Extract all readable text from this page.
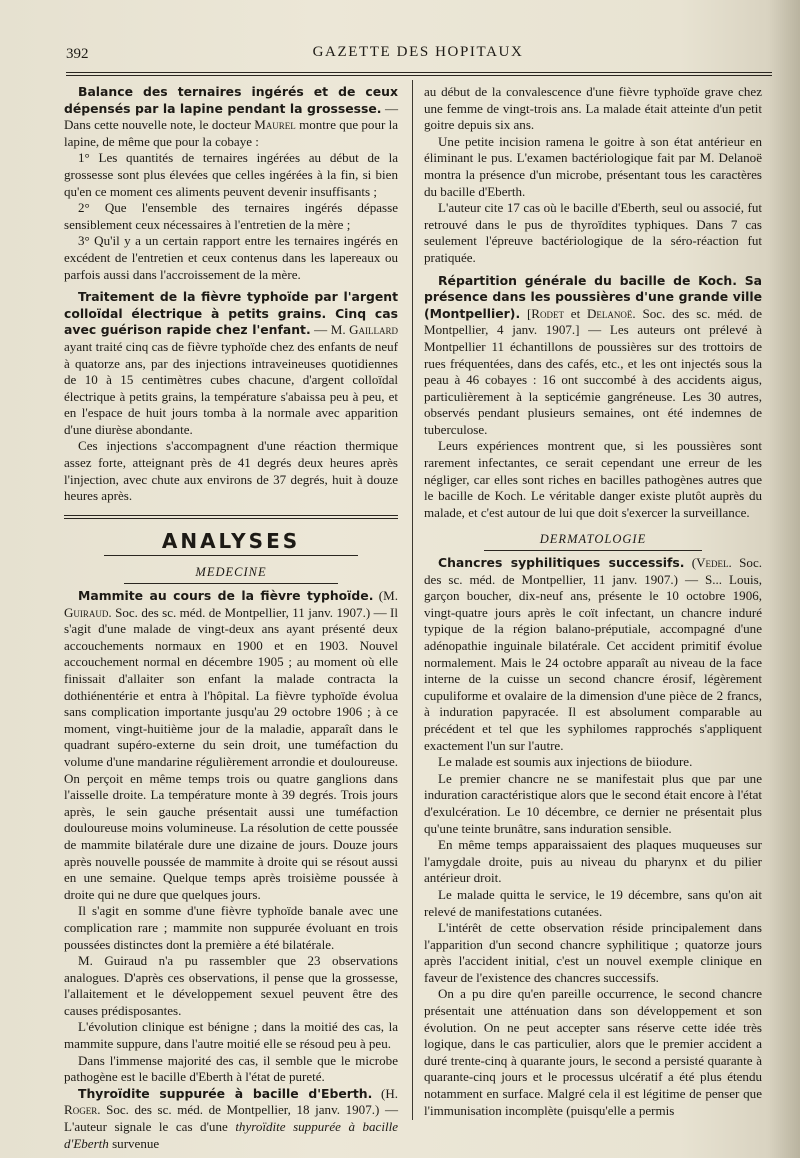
392	GAZETTE DES HOPITAUX

Balance des ternaires ingérés et de ceux dépensés par la lapine pendant la grossesse. — Dans cette nouvelle note, le docteur Maurel montre que pour la lapine, de même que pour la cobaye :

1° Les quantités de ternaires ingérées au début de la grossesse sont plus élevées que celles ingérées à la fin, si bien qu'en ce moment ces aliments peuvent devenir insuffisants ;

2° Que l'ensemble des ternaires ingérés dépasse sensiblement ceux nécessaires à l'entretien de la mère ;

3° Qu'il y a un certain rapport entre les ternaires ingérés en excédent de l'entretien et ceux contenus dans les lapereaux ou parfois aussi dans l'accroissement de la mère.

Traitement de la fièvre typhoïde par l'argent colloïdal électrique à petits grains. Cinq cas avec guérison rapide chez l'enfant. — M. Gaillard ayant traité cinq cas de fièvre typhoïde chez des enfants de neuf à quatorze ans, par des injections intraveineuses quotidiennes de 10 à 15 centimètres cubes chacune, d'argent colloïdal électrique à petits grains, la température s'abaissa peu à peu, et en l'espace de huit jours tomba à la normale avec apparition d'une diurèse abondante.

Ces injections s'accompagnent d'une réaction thermique assez forte, atteignant près de 41 degrés deux heures après l'injection, avec chute aux environs de 37 degrés, huit à douze heures après.

ANALYSES
MEDECINE

Mammite au cours de la fièvre typhoïde. (M. Guiraud. Soc. des sc. méd. de Montpellier, 11 janv. 1907.) — Il s'agit d'une malade de vingt-deux ans ayant présenté deux accouchements normaux en 1900 et en 1903. Nouvel accouchement normal en décembre 1905 ; au moment où elle finissait d'allaiter son enfant la malade contracta la dothiénentérie et entra à l'hôpital. La fièvre typhoïde évolua sans complication importante jusqu'au 29 octobre 1906 ; à ce moment, vingt-huitième jour de la maladie, apparaît dans le quadrant supéro-externe du sein droit, une tuméfaction du volume d'une mandarine régulièrement arrondie et douloureuse. On perçoit en même temps trois ou quatre ganglions dans l'aisselle droite. La température monte à 39 degrés. Trois jours après, le sein gauche présentait aussi une tuméfaction douloureuse moins volumineuse. La résolution de cette poussée de mammite bilatérale dure une dizaine de jours. Douze jours après nouvelle poussée de mammite à droite qui se résout aussi en une semaine. Quelque temps après troisième poussée à droite qui ne dure que quelques jours.

Il s'agit en somme d'une fièvre typhoïde banale avec une complication rare ; mammite non suppurée évoluant en trois poussées distinctes dont la première a été bilatérale.

M. Guiraud n'a pu rassembler que 23 observations analogues. D'après ces observations, il pense que la grossesse, l'allaitement et le développement sexuel peuvent être des causes prédisposantes.

L'évolution clinique est bénigne ; dans la moitié des cas, la mammite suppure, dans l'autre moitié elle se résoud peu à peu.

Dans l'immense majorité des cas, il semble que le microbe pathogène est le bacille d'Eberth à l'état de pureté.

Thyroïdite suppurée à bacille d'Eberth. (H. Roger. Soc. des sc. méd. de Montpellier, 18 janv. 1907.) — L'auteur signale le cas d'une thyroïdite suppurée à bacille d'Eberth survenue

au début de la convalescence d'une fièvre typhoïde grave chez une femme de vingt-trois ans. La malade était atteinte d'un petit goitre depuis six ans.

Une petite incision ramena le goitre à son état antérieur en éliminant le pus. L'examen bactériologique fait par M. Delanoë montra la présence d'un microbe, présentant tous les caractères du bacille d'Eberth.

L'auteur cite 17 cas où le bacille d'Eberth, seul ou associé, fut retrouvé dans le pus de thyroïdites typhiques. Dans 7 cas seulement l'épreuve bactériologique de la séro-réaction fut pratiquée.

Répartition générale du bacille de Koch. Sa présence dans les poussières d'une grande ville (Montpellier). [Rodet et Delanoë. Soc. des sc. méd. de Montpellier, 4 janv. 1907.] — Les auteurs ont prélevé à Montpellier 11 échantillons de poussières sur des trottoirs de rues fréquentées, dans des cafés, etc., et les ont injectés sous la peau à 46 cobayes : 16 ont succombé à des accidents aigus, particulièrement à la septicémie gangréneuse. Les 30 autres, observés pendant plusieurs semaines, ont été indemnes de tuberculose.

Leurs expériences montrent que, si les poussières sont rarement infectantes, ce serait cependant une erreur de les négliger, car elles sont riches en bacilles pathogènes autres que le bacille de Koch. Le véritable danger existe plutôt auprès du malade, et c'est autour de lui que doit s'exercer la surveillance.

DERMATOLOGIE

Chancres syphilitiques successifs. (Vedel. Soc. des sc. méd. de Montpellier, 11 janv. 1907.) — S... Louis, garçon boucher, dix-neuf ans, présente le 10 octobre 1906, vingt-quatre jours après le coït infectant, un chancre induré typique de la région balano-préputiale, accompagné d'une adénopathie inguinale bilatérale. Cet accident primitif évolue normalement. Mais le 24 octobre apparaît au niveau de la face interne de la cuisse un second chancre érosif, légèrement cupuliforme et ovalaire de la dimension d'une pièce de 2 francs, à induration papyracée. Il est absolument comparable au précédent et tel que les syphilomes rapprochés s'appliquent exactement l'un sur l'autre.

Le malade est soumis aux injections de biiodure.

Le premier chancre ne se manifestait plus que par une induration caractéristique alors que le second était encore à l'état d'exulcération. Le 10 décembre, ce dernier ne présentait plus qu'une teinte brunâtre, sans induration sensible.

En même temps apparaissaient des plaques muqueuses sur l'amygdale droite, puis au niveau du pharynx et du pilier antérieur droit.

Le malade quitta le service, le 19 décembre, sans qu'on ait relevé de manifestations cutanées.

L'intérêt de cette observation réside principalement dans l'apparition d'un second chancre syphilitique ; quatorze jours après l'accident initial, c'est un nouvel exemple clinique en faveur de l'existence des chancres successifs.

On a pu dire qu'en pareille occurrence, le second chancre présentait une atténuation dans son développement et son évolution. On ne peut accepter sans réserve cette idée très logique, dans le cas particulier, alors que le premier accident a duré trente-cinq à quarante jours, le second a persisté quarante à quarante-cinq jours et le processus ulcératif a été plus étendu notamment en surface. Malgré cela il est légitime de penser que l'immunisation incomplète (puisqu'elle a permis
